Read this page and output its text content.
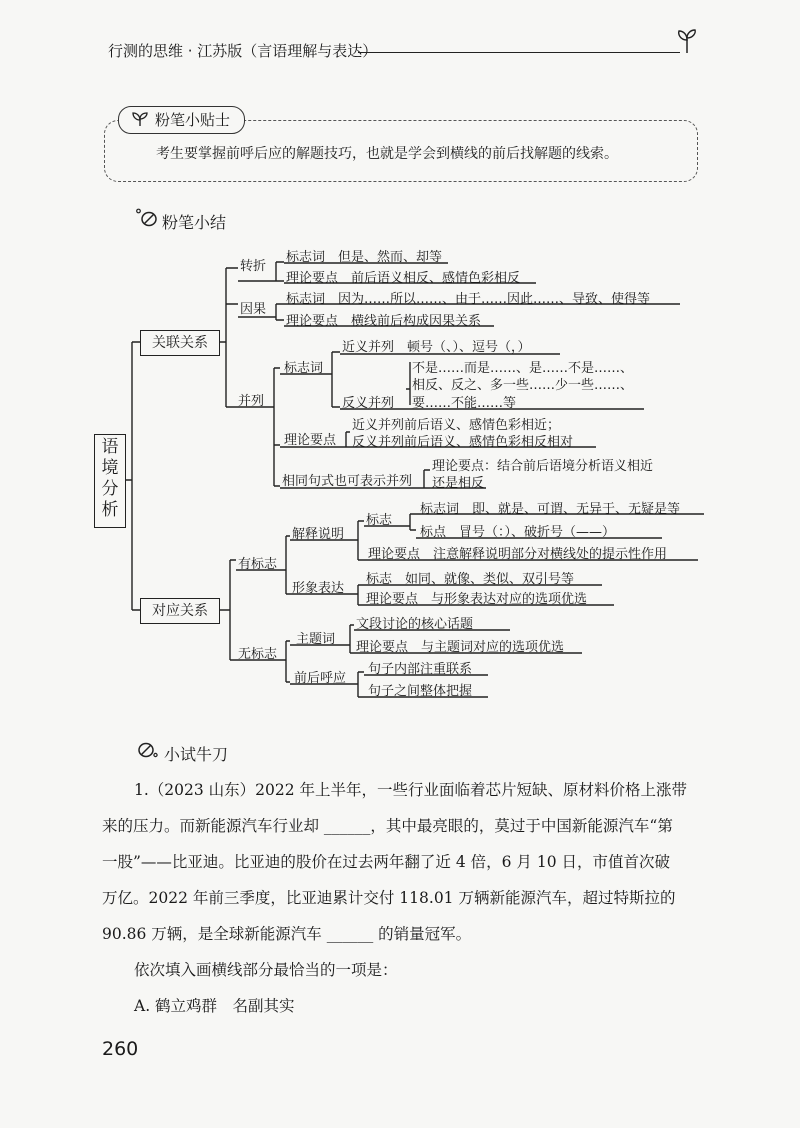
行测的思维 · 江苏版（言语理解与表达）
粉笔小贴士
考生要掌握前呼后应的解题技巧，也就是学会到横线的前后找解题的线索。
粉笔小结
语
境
分
析
关联关系
对应关系
转折
标志词　但是、然而、却等
理论要点　前后语义相反、感情色彩相反
因果
标志词　因为……所以……、由于……因此……、导致、使得等
理论要点　横线前后构成因果关系
并列
标志词
近义并列　顿号（、）、逗号（，）
不是……而是……、是……不是……、
相反、反之、多一些……少一些……、
反义并列 要……不能……等
理论要点
近义并列前后语义、感情色彩相近；
反义并列前后语义、感情色彩相反相对
相同句式也可表示并列
理论要点：结合前后语境分析语义相近
还是相反
有标志
解释说明
标志
标志词　即、就是、可谓、无异于、无疑是等
标点　冒号（：）、破折号（——）
理论要点　注意解释说明部分对横线处的提示性作用
形象表达
标志　如同、就像、类似、双引号等
理论要点　与形象表达对应的选项优选
无标志
主题词
文段讨论的核心话题
理论要点　与主题词对应的选项优选
前后呼应
句子内部注重联系
句子之间整体把握
小试牛刀
1.（2023 山东）2022 年上半年，一些行业面临着芯片短缺、原材料价格上涨带
来的压力。而新能源汽车行业却 ______，其中最亮眼的，莫过于中国新能源汽车“第
一股”——比亚迪。比亚迪的股价在过去两年翻了近 4 倍，6 月 10 日，市值首次破
万亿。2022 年前三季度，比亚迪累计交付 118.01 万辆新能源汽车，超过特斯拉的
90.86 万辆，是全球新能源汽车 ______ 的销量冠军。
依次填入画横线部分最恰当的一项是：
A. 鹤立鸡群　名副其实
260
